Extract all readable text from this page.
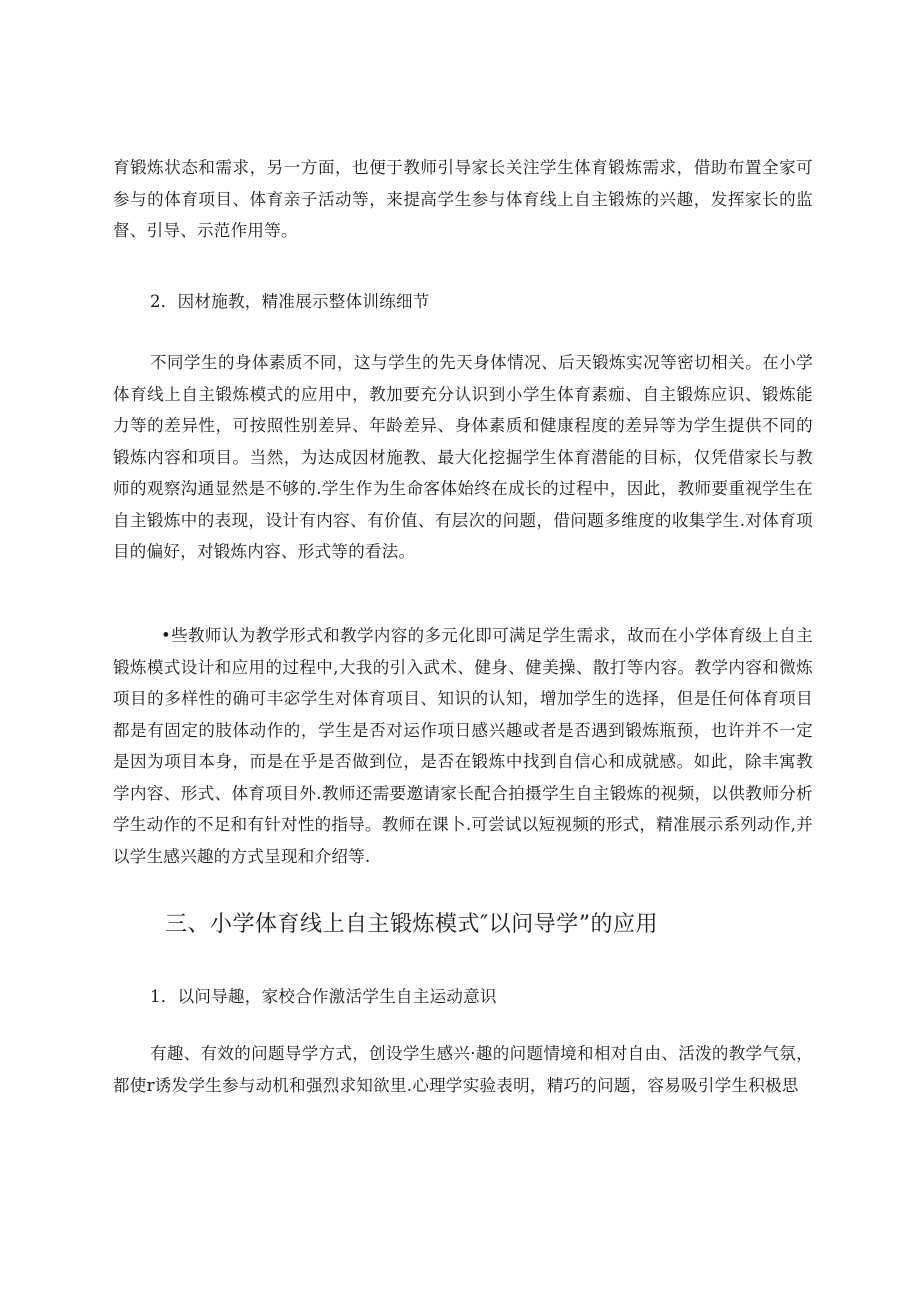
育锻炼状态和需求，另一方面，也便于教师引导家长关注学生体育锻炼需求，借助布置全家可参与的体育项目、体育亲子活动等，来提高学生参与体育线上自主锻炼的兴趣，发挥家长的监督、引导、示范作用等。

2．因材施教，精准展示整体训练细节

不同学生的身体素质不同，这与学生的先天身体情况、后天锻炼实况等密切相关。在小学体育线上自主锻炼模式的应用中，教加要充分认识到小学生体育素痂、自主锻炼应识、锻炼能力等的差异性，可按照性别差异、年龄差异、身体素质和健康程度的差异等为学生提供不同的锻炼内容和项目。当然，为达成因材施教、最大化挖掘学生体育潜能的目标，仅凭借家长与教师的观察沟通显然是不够的.学生作为生命客体始终在成长的过程中，因此，教师要重视学生在自主锻炼中的表现，设计有内容、有价值、有层次的问题，借问题多维度的收集学生.对体育项目的偏好，对锻炼内容、形式等的看法。

•些教师认为教学形式和教学内容的多元化即可满足学生需求，故而在小学体育级上自主锻炼模式设计和应用的过程中,大我的引入武术、健身、健美操、散打等内容。教学内容和微炼项目的多样性的确可丰宓学生对体育项目、知识的认知，增加学生的选择，但是任何体育项目都是有固定的肢体动作的，学生是否对运作项日感兴趣或者是否遇到锻炼瓶预，也许并不一定是因为项目本身，而是在乎是否做到位，是否在锻炼中找到自信心和成就感。如此，除丰寓教学内容、形式、体育项目外.教师还需要邀请家长配合拍摄学生自主锻炼的视频，以供教师分析学生动作的不足和有针对性的指导。教师在课卜.可尝试以短视频的形式，精准展示系列动作,并以学生感兴趣的方式呈现和介绍等.

三、小学体育线上自主锻炼模式″以问导学”的应用

1．以问导趣，家校合作激活学生自主运动意识

有趣、有效的问题导学方式，创设学生感兴·趣的问题情境和相对自由、活泼的教学气氛，都使r诱发学生参与动机和强烈求知欲里.心理学实验表明，精巧的问题，容易吸引学生积极思
